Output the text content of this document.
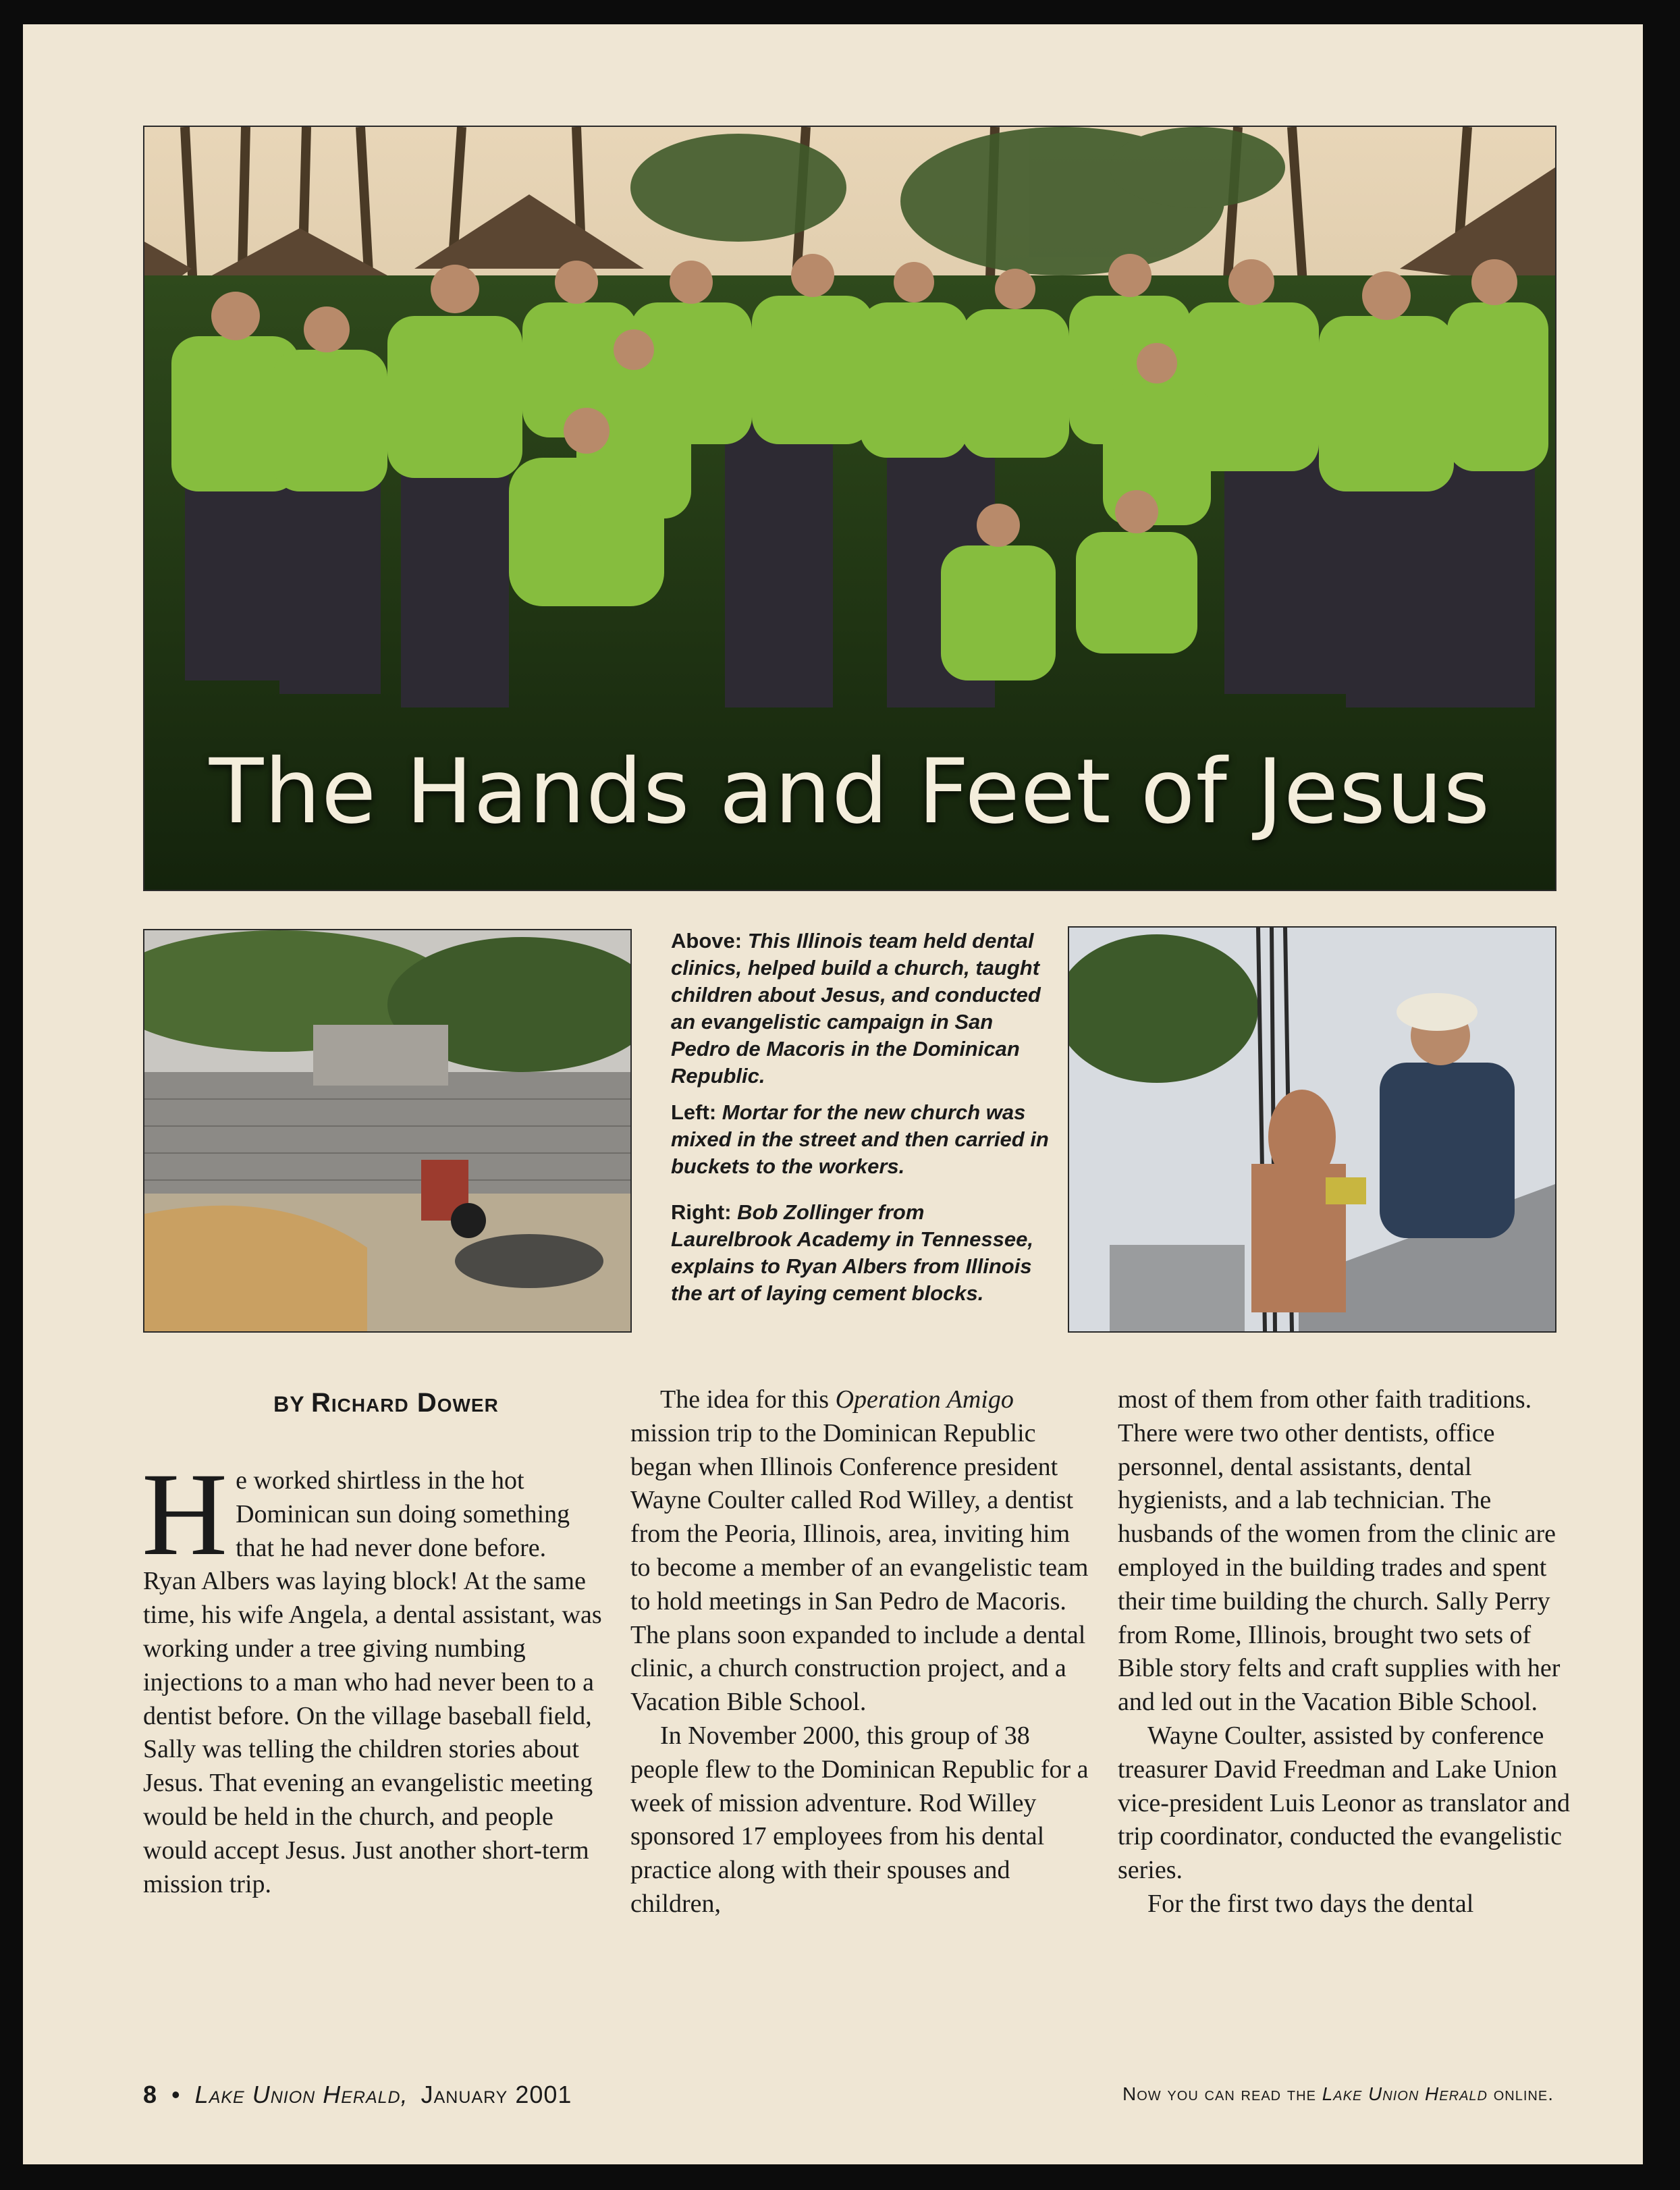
The Hands and Feet of Jesus

Above: This Illinois team held dental clinics, helped build a church, taught children about Jesus, and conducted an evangelistic campaign in San Pedro de Macoris in the Dominican Republic.

Left: Mortar for the new church was mixed in the street and then carried in buckets to the workers.

Right: Bob Zollinger from Laurelbrook Academy in Tennessee, explains to Ryan Albers from Illinois the art of laying cement blocks.

BY Richard Dower

He worked shirtless in the hot Dominican sun doing something that he had never done before. Ryan Albers was laying block! At the same time, his wife Angela, a dental assistant, was working under a tree giving numbing injections to a man who had never been to a dentist before. On the village baseball field, Sally was telling the children stories about Jesus. That evening an evangelistic meeting would be held in the church, and people would accept Jesus. Just another short-term mission trip.

The idea for this Operation Amigo mission trip to the Dominican Republic began when Illinois Conference president Wayne Coulter called Rod Willey, a dentist from the Peoria, Illinois, area, inviting him to become a member of an evangelistic team to hold meetings in San Pedro de Macoris. The plans soon expanded to include a dental clinic, a church construction project, and a Vacation Bible School.

In November 2000, this group of 38 people flew to the Dominican Republic for a week of mission adventure. Rod Willey sponsored 17 employees from his dental practice along with their spouses and children,

most of them from other faith traditions. There were two other dentists, office personnel, dental assistants, dental hygienists, and a lab technician. The husbands of the women from the clinic are employed in the building trades and spent their time building the church. Sally Perry from Rome, Illinois, brought two sets of Bible story felts and craft supplies with her and led out in the Vacation Bible School.

Wayne Coulter, assisted by conference treasurer David Freedman and Lake Union vice-president Luis Leonor as translator and trip coordinator, conducted the evangelistic series.

For the first two days the dental

8 • Lake Union Herald, January 2001	Now you can read the Lake Union Herald online.
